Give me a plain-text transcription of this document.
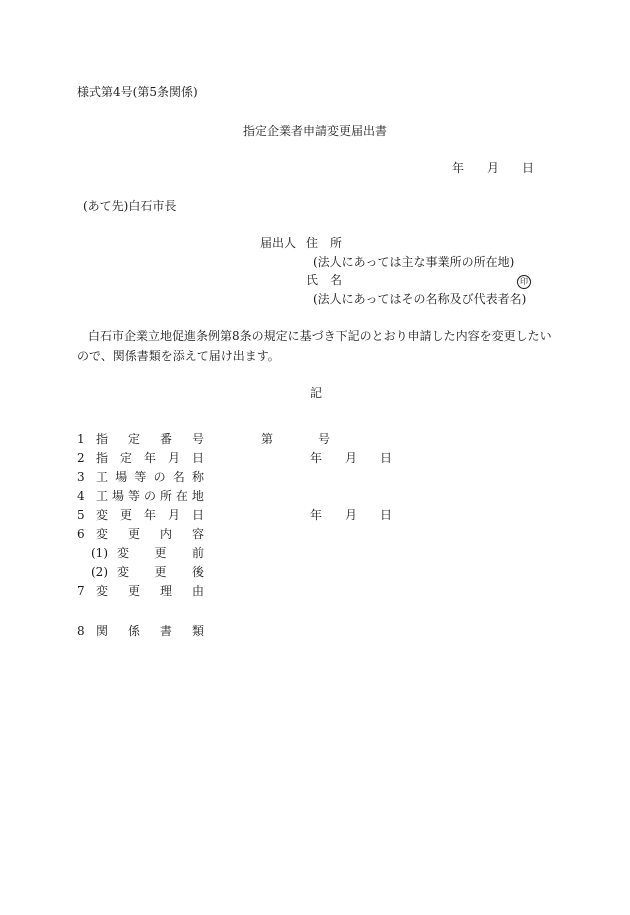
様式第4号(第5条関係)
指定企業者申請変更届出書
年 月 日
(あて先)白石市長
届出人 住　所
(法人にあっては主な事業所の所在地)
氏　名	印
(法人にあってはその名称及び代表者名)
白石市企業立地促進条例第8条の規定に基づき下記のとおり申請した内容を変更したい
ので、関係書類を添えて届け出ます。
記
1 指 定 番 号	第	号
2 指 定 年 月 日	年 月 日
3 工 場 等 の 名 称
4 工 場 等 の 所 在 地
5 変 更 年 月 日	年 月 日
6 変 更 内 容
(1) 変 更 前
(2) 変 更 後
7 変 更 理 由
8 関 係 書 類
